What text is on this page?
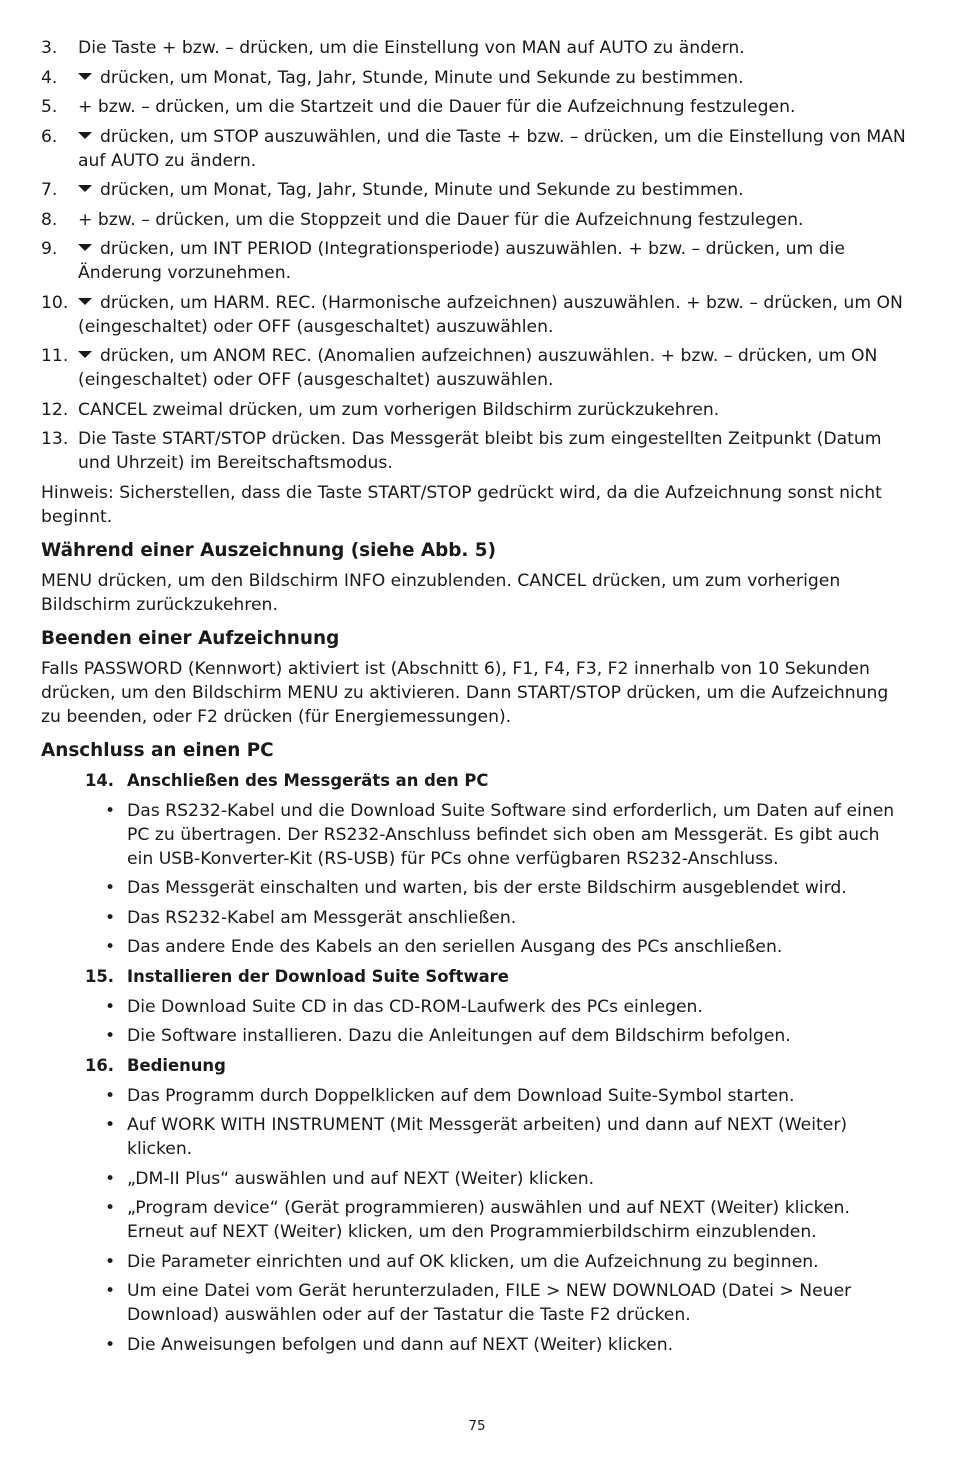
3. Die Taste + bzw. – drücken, um die Einstellung von MAN auf AUTO zu ändern.
4. drücken, um Monat, Tag, Jahr, Stunde, Minute und Sekunde zu bestimmen.
5. + bzw. – drücken, um die Startzeit und die Dauer für die Aufzeichnung festzulegen.
6. drücken, um STOP auszuwählen, und die Taste + bzw. – drücken, um die Einstellung von MAN auf AUTO zu ändern.
7. drücken, um Monat, Tag, Jahr, Stunde, Minute und Sekunde zu bestimmen.
8. + bzw. – drücken, um die Stoppzeit und die Dauer für die Aufzeichnung festzulegen.
9. drücken, um INT PERIOD (Integrationsperiode) auszuwählen. + bzw. – drücken, um die Änderung vorzunehmen.
10. drücken, um HARM. REC. (Harmonische aufzeichnen) auszuwählen. + bzw. – drücken, um ON (eingeschaltet) oder OFF (ausgeschaltet) auszuwählen.
11. drücken, um ANOM REC. (Anomalien aufzeichnen) auszuwählen. + bzw. – drücken, um ON (eingeschaltet) oder OFF (ausgeschaltet) auszuwählen.
12. CANCEL zweimal drücken, um zum vorherigen Bildschirm zurückzukehren.
13. Die Taste START/STOP drücken. Das Messgerät bleibt bis zum eingestellten Zeitpunkt (Datum und Uhrzeit) im Bereitschaftsmodus.

Hinweis: Sicherstellen, dass die Taste START/STOP gedrückt wird, da die Aufzeichnung sonst nicht beginnt.

Während einer Auszeichnung (siehe Abb. 5)

MENU drücken, um den Bildschirm INFO einzublenden. CANCEL drücken, um zum vorherigen Bildschirm zurückzukehren.

Beenden einer Aufzeichnung

Falls PASSWORD (Kennwort) aktiviert ist (Abschnitt 6), F1, F4, F3, F2 innerhalb von 10 Sekunden drücken, um den Bildschirm MENU zu aktivieren. Dann START/STOP drücken, um die Aufzeichnung zu beenden, oder F2 drücken (für Energiemessungen).

Anschluss an einen PC
14. Anschließen des Messgeräts an den PC
• Das RS232-Kabel und die Download Suite Software sind erforderlich, um Daten auf einen PC zu übertragen. Der RS232-Anschluss befindet sich oben am Messgerät. Es gibt auch ein USB-Konverter-Kit (RS-USB) für PCs ohne verfügbaren RS232-Anschluss.
• Das Messgerät einschalten und warten, bis der erste Bildschirm ausgeblendet wird.
• Das RS232-Kabel am Messgerät anschließen.
• Das andere Ende des Kabels an den seriellen Ausgang des PCs anschließen.
15. Installieren der Download Suite Software
• Die Download Suite CD in das CD-ROM-Laufwerk des PCs einlegen.
• Die Software installieren. Dazu die Anleitungen auf dem Bildschirm befolgen.
16. Bedienung
• Das Programm durch Doppelklicken auf dem Download Suite-Symbol starten.
• Auf WORK WITH INSTRUMENT (Mit Messgerät arbeiten) und dann auf NEXT (Weiter) klicken.
• „DM-II Plus“ auswählen und auf NEXT (Weiter) klicken.
• „Program device“ (Gerät programmieren) auswählen und auf NEXT (Weiter) klicken. Erneut auf NEXT (Weiter) klicken, um den Programmierbildschirm einzublenden.
• Die Parameter einrichten und auf OK klicken, um die Aufzeichnung zu beginnen.
• Um eine Datei vom Gerät herunterzuladen, FILE > NEW DOWNLOAD (Datei > Neuer Download) auswählen oder auf der Tastatur die Taste F2 drücken.
• Die Anweisungen befolgen und dann auf NEXT (Weiter) klicken.
75
